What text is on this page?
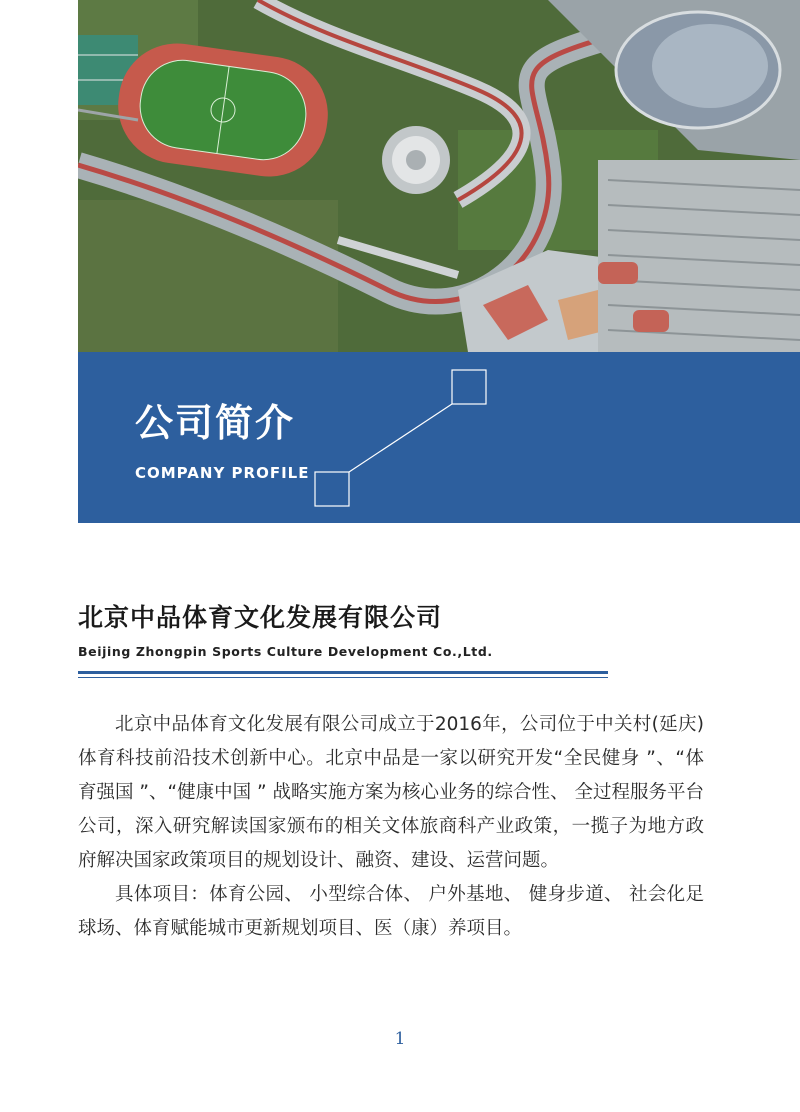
公司简介
COMPANY PROFILE
北京中品体育文化发展有限公司
Beijing Zhongpin Sports Culture Development Co.,Ltd.

北京中品体育文化发展有限公司成立于2016年，公司位于中关村(延庆)体育科技前沿技术创新中心。北京中品是一家以研究开发“全民健身 ”、“体育强国 ”、“健康中国 ” 战略实施方案为核心业务的综合性、 全过程服务平台公司，深入研究解读国家颁布的相关文体旅商科产业政策，一揽子为地方政府解决国家政策项目的规划设计、融资、建设、运营问题。

具体项目：体育公园、 小型综合体、 户外基地、 健身步道、 社会化足球场、体育赋能城市更新规划项目、医（康）养项目。

1
